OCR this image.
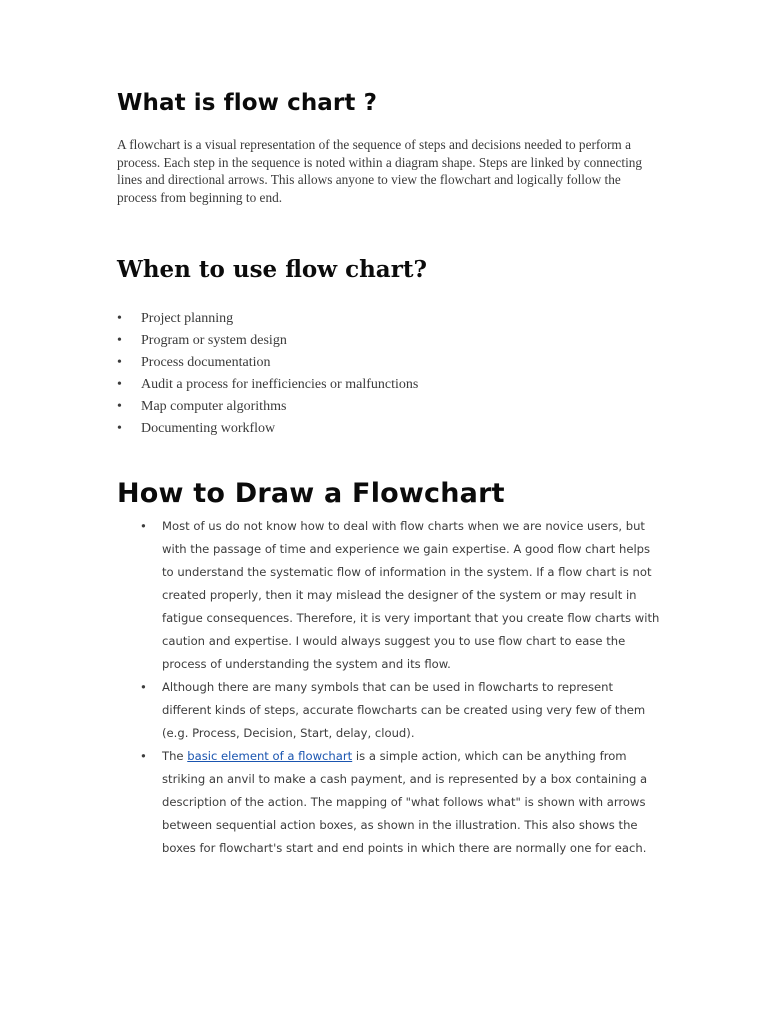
What is flow chart ?

A flowchart is a visual representation of the sequence of steps and decisions needed to perform a process. Each step in the sequence is noted within a diagram shape. Steps are linked by connecting lines and directional arrows. This allows anyone to view the flowchart and logically follow the process from beginning to end.

When to use flow chart?
• Project planning
• Program or system design
• Process documentation
• Audit a process for inefficiencies or malfunctions
• Map computer algorithms
• Documenting workflow
How to Draw a Flowchart
• Most of us do not know how to deal with flow charts when we are novice users, but with the passage of time and experience we gain expertise. A good flow chart helps to understand the systematic flow of information in the system. If a flow chart is not created properly, then it may mislead the designer of the system or may result in fatigue consequences. Therefore, it is very important that you create flow charts with caution and expertise. I would always suggest you to use flow chart to ease the process of understanding the system and its flow.
• Although there are many symbols that can be used in flowcharts to represent different kinds of steps, accurate flowcharts can be created using very few of them (e.g. Process, Decision, Start, delay, cloud).
• The basic element of a flowchart is a simple action, which can be anything from striking an anvil to make a cash payment, and is represented by a box containing a description of the action. The mapping of "what follows what" is shown with arrows between sequential action boxes, as shown in the illustration. This also shows the boxes for flowchart's start and end points in which there are normally one for each.
